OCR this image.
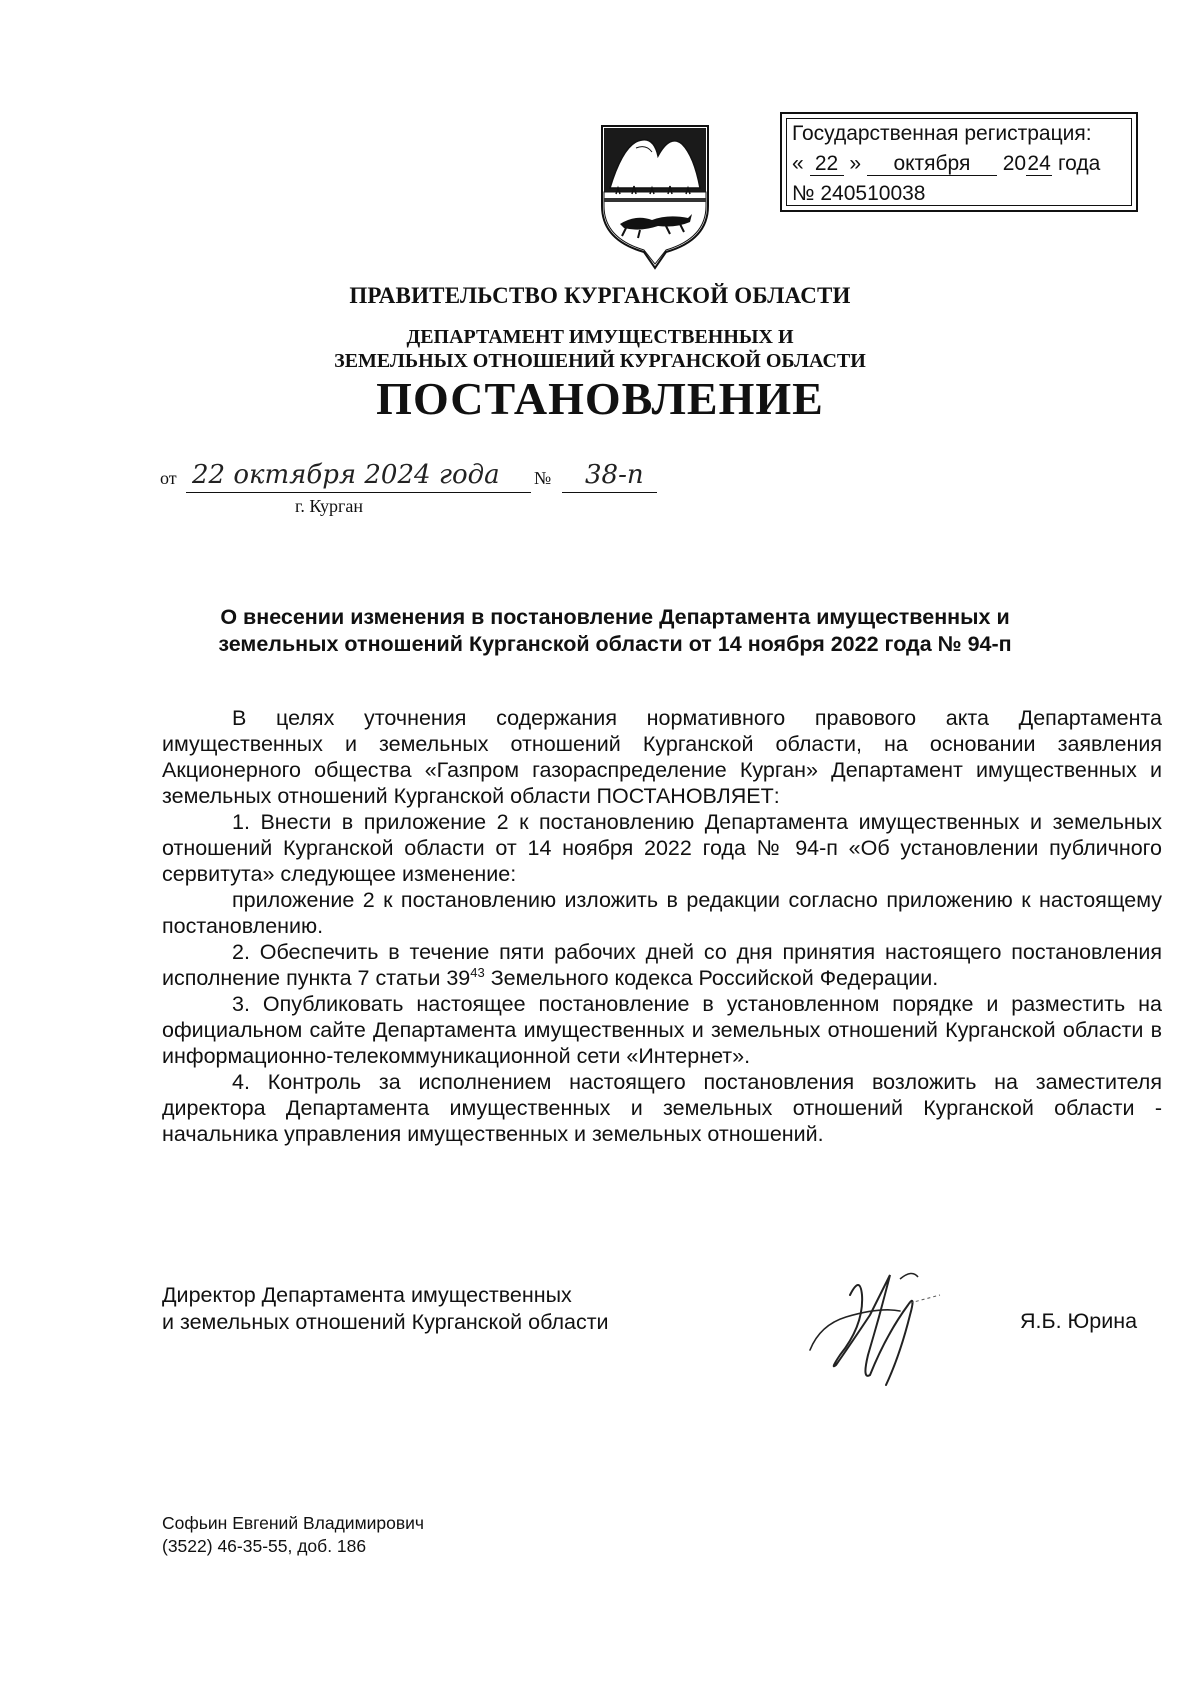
Государственная регистрация:
« 22 » октября 2024 года
№ 240510038
ПРАВИТЕЛЬСТВО КУРГАНСКОЙ ОБЛАСТИ
ДЕПАРТАМЕНТ ИМУЩЕСТВЕННЫХ И
ЗЕМЕЛЬНЫХ ОТНОШЕНИЙ КУРГАНСКОЙ ОБЛАСТИ
ПОСТАНОВЛЕНИЕ
от 22 октября 2024 года № 38-п
г. Курган
О внесении изменения в постановление Департамента имущественных и
земельных отношений Курганской области от 14 ноября 2022 года № 94-п

В целях уточнения содержания нормативного правового акта Департамента имущественных и земельных отношений Курганской области, на основании заявления Акционерного общества «Газпром газораспределение Курган» Департамент имущественных и земельных отношений Курганской области ПОСТАНОВЛЯЕТ:

1. Внести в приложение 2 к постановлению Департамента имущественных и земельных отношений Курганской области от 14 ноября 2022 года № 94-п «Об установлении публичного сервитута» следующее изменение:

приложение 2 к постановлению изложить в редакции согласно приложению к настоящему постановлению.

2. Обеспечить в течение пяти рабочих дней со дня принятия настоящего постановления исполнение пункта 7 статьи $39^{43}$ Земельного кодекса Российской Федерации.

3. Опубликовать настоящее постановление в установленном порядке и разместить на официальном сайте Департамента имущественных и земельных отношений Курганской области в информационно-телекоммуникационной сети «Интернет».

4. Контроль за исполнением настоящего постановления возложить на заместителя директора Департамента имущественных и земельных отношений Курганской области - начальника управления имущественных и земельных отношений.

Директор Департамента имущественных
и земельных отношений Курганской области	Я.Б. Юрина
Софьин Евгений Владимирович
(3522) 46-35-55, доб. 186
